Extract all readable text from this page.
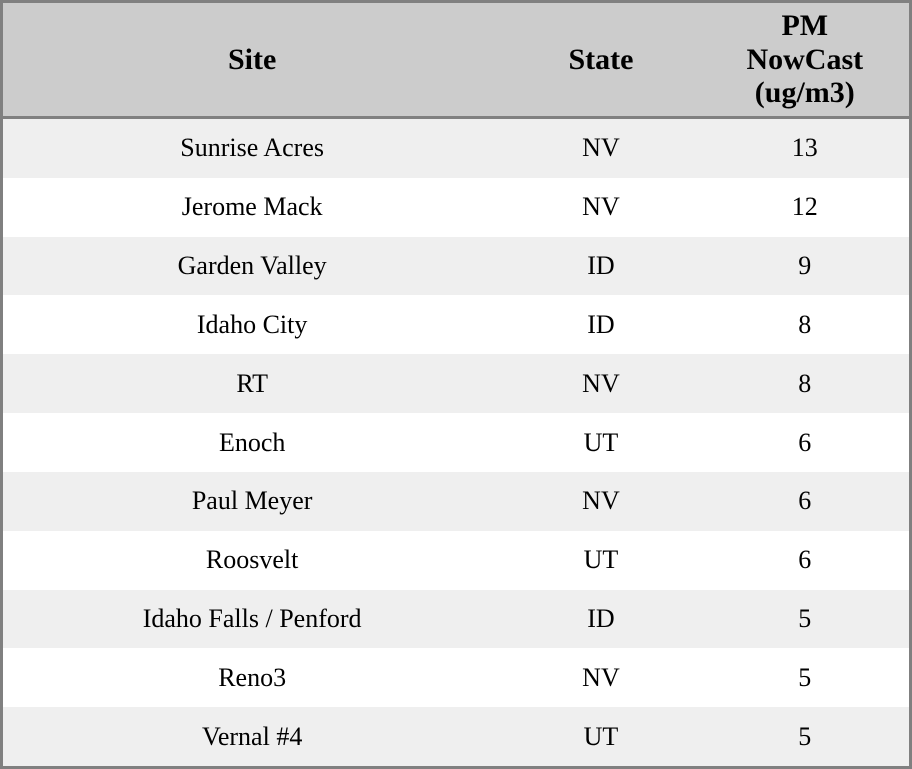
Site	State	PM
NowCast
(ug/m3)

Sunrise Acres	NV	13
Jerome Mack	NV	12
Garden Valley	ID	9
Idaho City	ID	8
RT	NV	8
Enoch	UT	6
Paul Meyer	NV	6
Roosvelt	UT	6
Idaho Falls / Penford	ID	5
Reno3	NV	5
Vernal #4	UT	5
